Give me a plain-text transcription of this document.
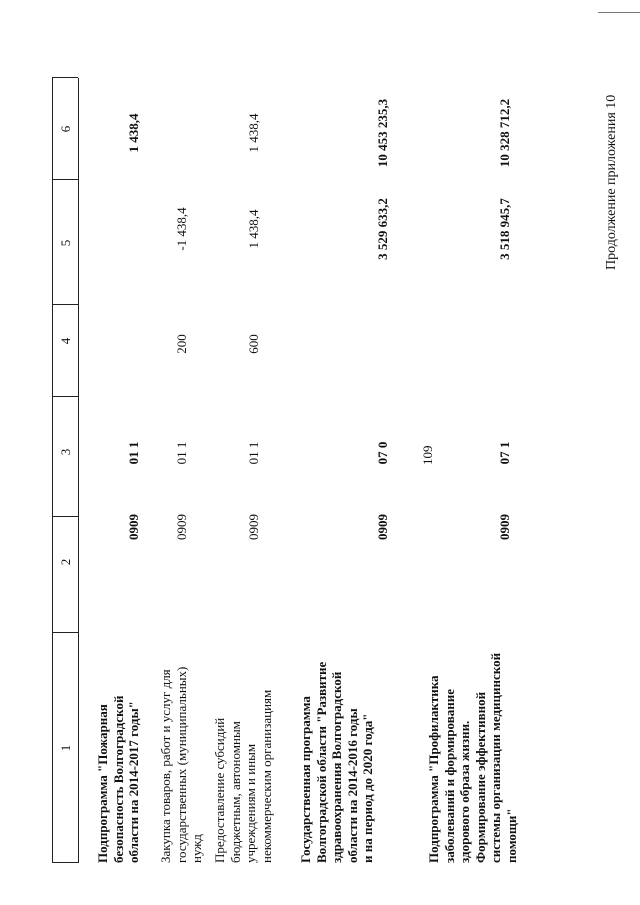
109
Продолжение приложения 10
1
2
3
4
5
6
Подпрограмма "Пожарная
безопасность Волгоградской
области на 2014-2017 годы"
0909
01 1
1 438,4
Закупка товаров, работ и услуг для
государственных (муниципальных)
нужд
0909
01 1
200
-1 438,4
Предоставление субсидий
бюджетным, автономным
учреждениям и иным
некоммерческим организациям
0909
01 1
600
1 438,4
1 438,4
Государственная программа
Волгоградской области "Развитие
здравоохранения Волгоградской
области на 2014-2016 годы
и на период до 2020 года"
0909
07 0
3 529 633,2
10 453 235,3
Подпрограмма "Профилактика
заболеваний и формирование
здорового образа жизни.
Формирование эффективной
системы организации медицинской
помощи"
0909
07 1
3 518 945,7
10 328 712,2
